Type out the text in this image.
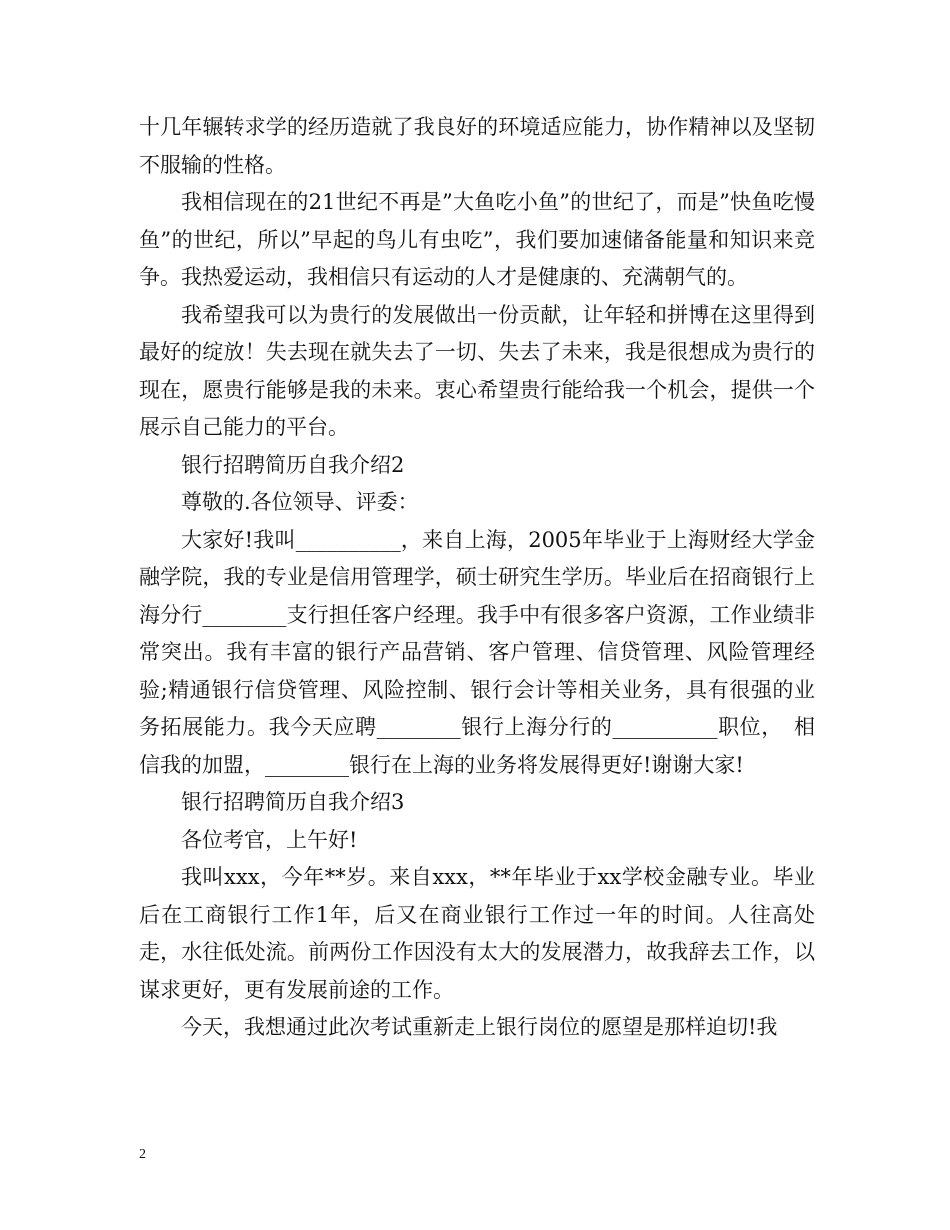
十几年辗转求学的经历造就了我良好的环境适应能力，协作精神以及坚韧不服输的性格。

我相信现在的21世纪不再是”大鱼吃小鱼”的世纪了，而是”快鱼吃慢鱼”的世纪，所以”早起的鸟儿有虫吃”，我们要加速储备能量和知识来竞争。我热爱运动，我相信只有运动的人才是健康的、充满朝气的。

我希望我可以为贵行的发展做出一份贡献，让年轻和拼博在这里得到最好的绽放！失去现在就失去了一切、失去了未来，我是很想成为贵行的现在，愿贵行能够是我的未来。衷心希望贵行能给我一个机会，提供一个展示自己能力的平台。

银行招聘简历自我介绍2

尊敬的.各位领导、评委：

大家好!我叫__________，来自上海，2005年毕业于上海财经大学金融学院，我的专业是信用管理学，硕士研究生学历。毕业后在招商银行上海分行________支行担任客户经理。我手中有很多客户资源，工作业绩非常突出。我有丰富的银行产品营销、客户管理、信贷管理、风险管理经验;精通银行信贷管理、风险控制、银行会计等相关业务，具有很强的业务拓展能力。我今天应聘________银行上海分行的__________职位，　相信我的加盟，________银行在上海的业务将发展得更好!谢谢大家!

银行招聘简历自我介绍3

各位考官，上午好!

我叫xxx，今年**岁。来自xxx，**年毕业于xx学校金融专业。毕业后在工商银行工作1年，后又在商业银行工作过一年的时间。人往高处走，水往低处流。前两份工作因没有太大的发展潜力，故我辞去工作，以谋求更好，更有发展前途的工作。

今天，我想通过此次考试重新走上银行岗位的愿望是那样迫切!我

2
